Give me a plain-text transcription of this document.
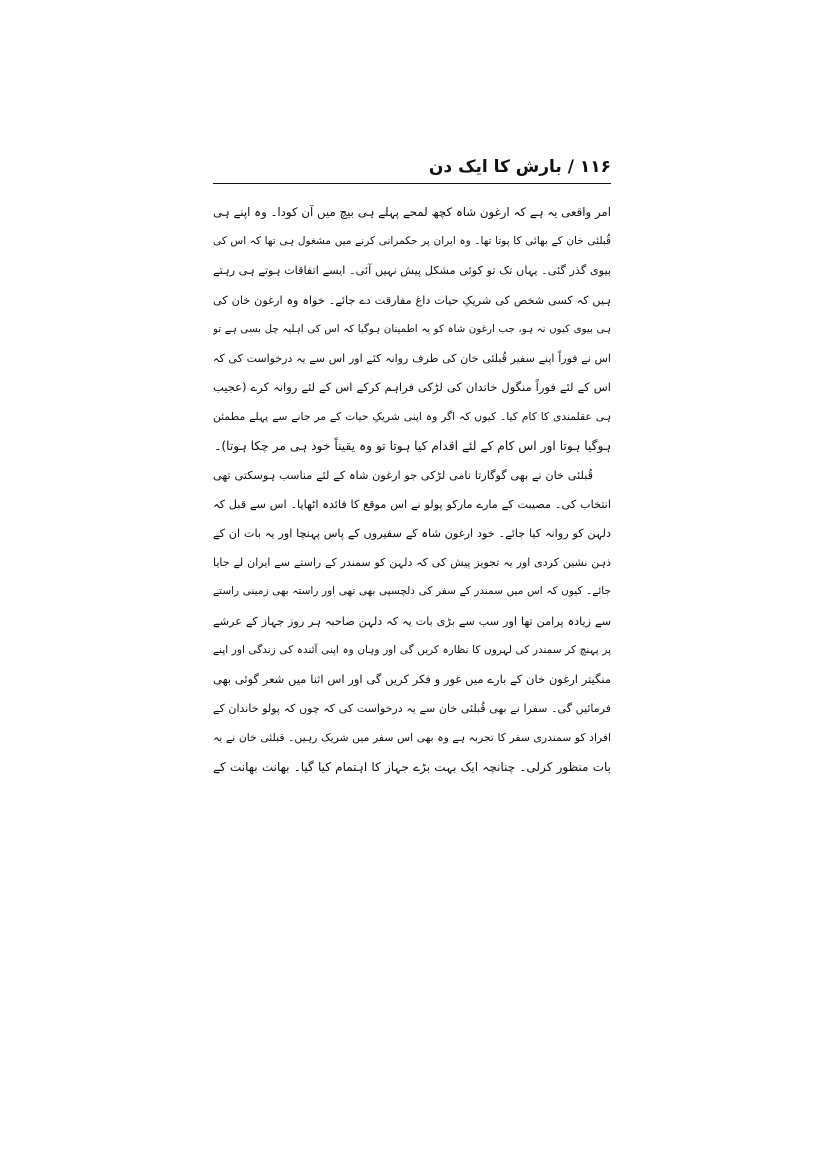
۱۱۶ / بارش کا ایک دن
امر واقعی یہ ہے کہ ارغون شاہ کچھ لمحے پہلے ہی بیچ میں آن کودا۔ وہ اپنے ہی
قُبلئی خان کے بھائی کا پوتا تھا۔ وہ ایران پر حکمرانی کرنے میں مشغول ہی تھا کہ اس کی
بیوی گذر گئی۔ یہاں تک تو کوئی مشکل پیش نہیں آئی۔ ایسے اتفاقات ہوتے ہی رہتے
ہیں کہ کسی شخص کی شریکِ حیات داغ مفارقت دے جائے۔ خواہ وہ ارغون خان کی
ہی بیوی کیوں نہ ہو، جب ارغون شاہ کو یہ اطمینان ہوگیا کہ اس کی اہلیہ چل بسی ہے تو
اس نے فوراً اپنے سفیر قُبلئی خان کی طرف روانہ کئے اور اس سے یہ درخواست کی کہ
اس کے لئے فوراً منگول خاندان کی لڑکی فراہم کرکے اس کے لئے روانہ کرے (عجیب
ہی عقلمندی کا کام کیا۔ کیوں کہ اگر وہ اپنی شریکِ حیات کے مر جانے سے پہلے مطمئن
ہوگیا ہوتا اور اس کام کے لئے اقدام کیا ہوتا تو وہ یقیناً خود ہی مر چکا ہوتا)۔
قُبلئی خان نے بھی گوگارتا نامی لڑکی جو ارغون شاہ کے لئے مناسب ہوسکتی تھی
انتخاب کی۔ مصیبت کے مارے مارکو پولو نے اس موقع کا فائدہ اٹھایا۔ اس سے قبل کہ
دلہن کو روانہ کیا جائے۔ خود ارغون شاہ کے سفیروں کے پاس پہنچا اور یہ بات ان کے
ذہن نشین کردی اور یہ تجویز پیش کی کہ دلہن کو سمندر کے راستے سے ایران لے جایا
جائے۔ کیوں کہ اس میں سمندر کے سفر کی دلچسپی بھی تھی اور راستہ بھی زمینی راستے
سے زیادہ پرامن تھا اور سب سے بڑی بات یہ کہ دلہن صاحبہ ہر روز جہاز کے عرشے
پر پہنچ کر سمندر کی لہروں کا نظارہ کریں گی اور وہاں وہ اپنی آئندہ کی زندگی اور اپنے
منگیتر ارغون خان کے بارے میں غور و فکر کریں گی اور اس اثنا میں شعر گوئی بھی
فرمائیں گی۔ سفرا نے بھی قُبلئی خان سے یہ درخواست کی کہ چوں کہ پولو خاندان کے
افراد کو سمندری سفر کا تجربہ ہے وہ بھی اس سفر میں شریک رہیں۔ قبلئی خان نے یہ
بات منظور کرلی۔ چنانچہ ایک بہت بڑے جہاز کا اہتمام کیا گیا۔ بھانت بھانت کے
